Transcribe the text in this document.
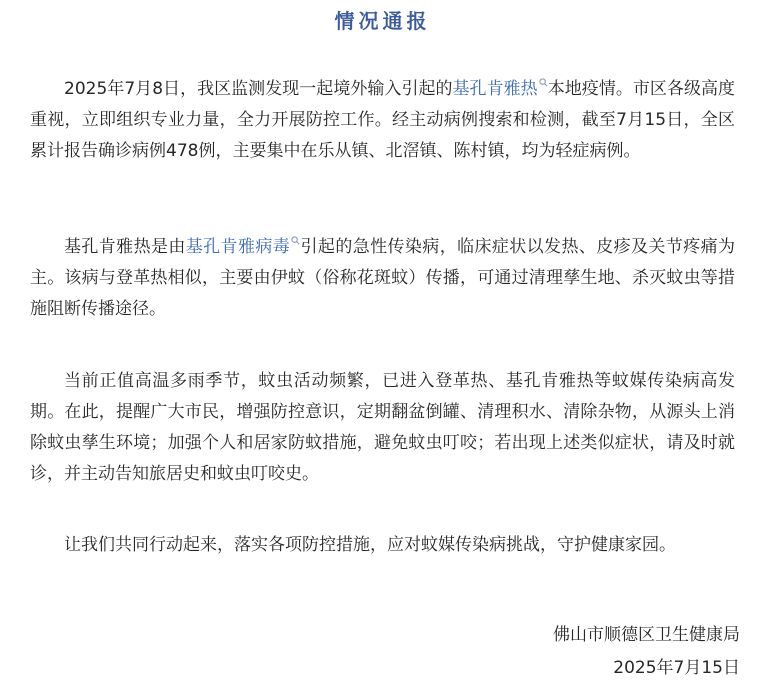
情况通报
2025年7月8日，我区监测发现一起境外输入引起的基孔肯雅热 本地疫情。市区各级高度重视，立即组织专业力量，全力开展防控工作。经主动病例搜索和检测，截至7月15日，全区累计报告确诊病例478例，主要集中在乐从镇、北滘镇、陈村镇，均为轻症病例。
基孔肯雅热是由基孔肯雅病毒 引起的急性传染病，临床症状以发热、皮疹及关节疼痛为主。该病与登革热相似，主要由伊蚊（俗称花斑蚊）传播，可通过清理孳生地、杀灭蚊虫等措施阻断传播途径。
当前正值高温多雨季节，蚊虫活动频繁，已进入登革热、基孔肯雅热等蚊媒传染病高发期。在此，提醒广大市民，增强防控意识，定期翻盆倒罐、清理积水、清除杂物，从源头上消除蚊虫孳生环境；加强个人和居家防蚊措施，避免蚊虫叮咬；若出现上述类似症状，请及时就诊，并主动告知旅居史和蚊虫叮咬史。
让我们共同行动起来，落实各项防控措施，应对蚊媒传染病挑战，守护健康家园。
佛山市顺德区卫生健康局
2025年7月15日
